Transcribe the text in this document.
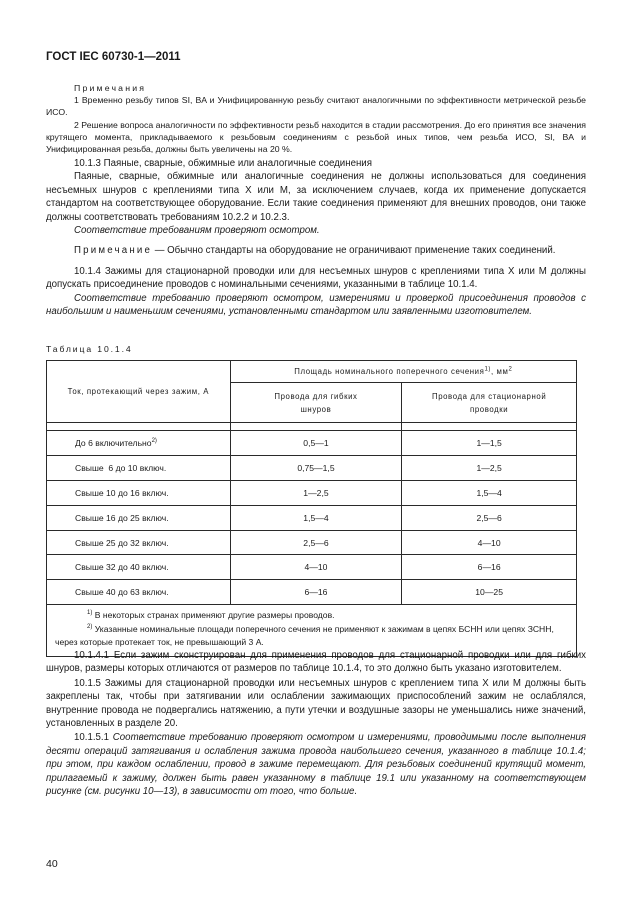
ГОСТ IEC 60730-1—2011

Примечания

1 Временно резьбу типов SI, BA и Унифицированную резьбу считают аналогичными по эффективности метрической резьбе ИСО.

2 Решение вопроса аналогичности по эффективности резьб находится в стадии рассмотрения. До его принятия все значения крутящего момента, прикладываемого к резьбовым соединениям с резьбой иных типов, чем резьба ИСО, SI, BA и Унифицированная резьба, должны быть увеличены на 20 %.

10.1.3 Паяные, сварные, обжимные или аналогичные соединения

Паяные, сварные, обжимные или аналогичные соединения не должны использоваться для соединения несъемных шнуров с креплениями типа X или M, за исключением случаев, когда их применение допускается стандартом на соответствующее оборудование. Если такие соединения применяют для внешних проводов, они также должны соответствовать требованиям 10.2.2 и 10.2.3.

Соответствие требованиям проверяют осмотром.

Примечание — Обычно стандарты на оборудование не ограничивают применение таких соединений.

10.1.4 Зажимы для стационарной проводки или для несъемных шнуров с креплениями типа X или M должны допускать присоединение проводов с номинальными сечениями, указанными в таблице 10.1.4.

Соответствие требованию проверяют осмотром, измерениями и проверкой присоединения проводов с наибольшим и наименьшим сечениями, установленными стандартом или заявленными изготовителем.

Таблица 10.1.4
Ток, протекающий через зажим, А	Площадь номинального поперечного сечения$^{1)}$, $мм^2$

	Провода для гибких шнуров	Провода для стационарной проводки

До 6 включительно$^{2)}$	0,5—1	1—1,5
Свыше  6 до 10 включ.	0,75—1,5	1—2,5
Свыше 10 до 16 включ.	1—2,5	1,5—4
Свыше 16 до 25 включ.	1,5—4	2,5—6
Свыше 25 до 32 включ.	2,5—6	4—10
Свыше 32 до 40 включ.	4—10	6—16
Свыше 40 до 63 включ.	6—16	10—25

$^{1)}$ В некоторых странах применяют другие размеры проводов.

$^{2)}$ Указанные номинальные площади поперечного сечения не применяют к зажимам в цепях БСНН или цепях ЗСНН, через которые протекает ток, не превышающий 3 А.		

10.1.4.1 Если зажим сконструирован для применения проводов для стационарной проводки или для гибких шнуров, размеры которых отличаются от размеров по таблице 10.1.4, то это должно быть указано изготовителем.

10.1.5 Зажимы для стационарной проводки или несъемных шнуров с креплением типа X или M должны быть закреплены так, чтобы при затягивании или ослаблении зажимающих приспособлений зажим не ослаблялся, внутренние провода не подвергались натяжению, а пути утечки и воздушные зазоры не уменьшались ниже значений, установленных в разделе 20.

10.1.5.1 Соответствие требованию проверяют осмотром и измерениями, проводимыми после выполнения десяти операций затягивания и ослабления зажима провода наибольшего сечения, указанного в таблице 10.1.4; при этом, при каждом ослаблении, провод в зажиме перемещают. Для резьбовых соединений крутящий момент, прилагаемый к зажиму, должен быть равен указанному в таблице 19.1 или указанному на соответствующем рисунке (см. рисунки 10—13), в зависимости от того, что больше.

40
